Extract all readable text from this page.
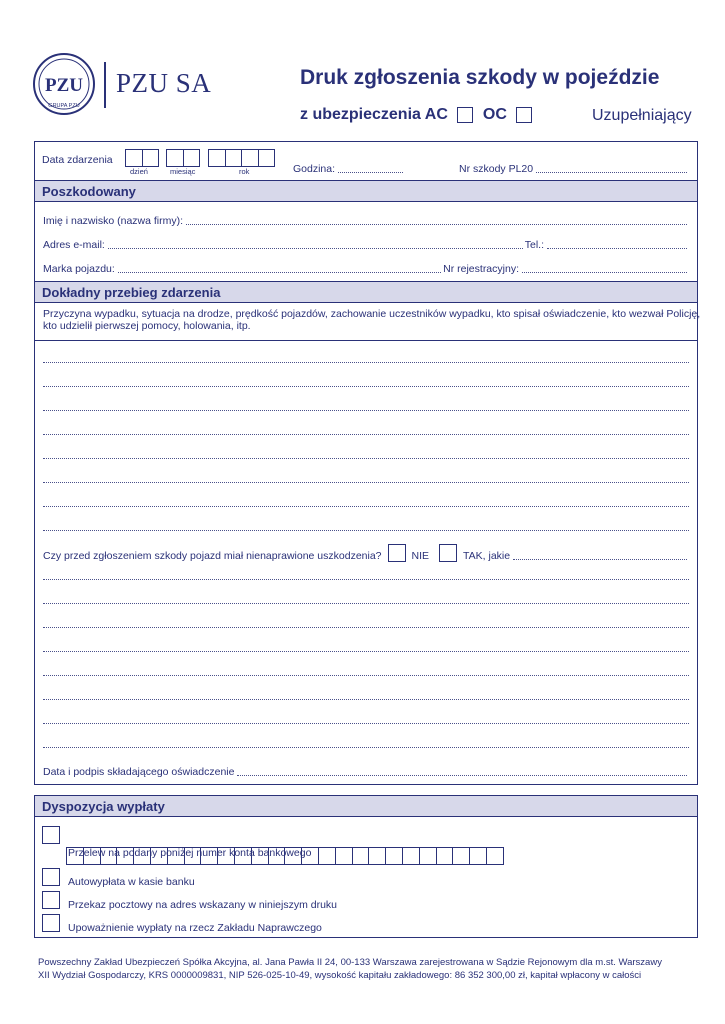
PZU
GRUPA PZU
PZU SA	Druk zgłoszenia szkody w pojeździe
z ubezpieczenia AC OC	Uzupełniający
Data zdarzenia
dzień	miesiąc	rok	Godzina:	Nr szkody PL20
Poszkodowany
Imię i nazwisko (nazwa firmy):
Adres e-mail:	Tel.:
Marka pojazdu:	Nr rejestracyjny:
Dokładny przebieg zdarzenia
Przyczyna wypadku, sytuacja na drodze, prędkość pojazdów, zachowanie uczestników wypadku, kto spisał oświadczenie, kto wezwał Policję,
kto udzielił pierwszej pomocy, holowania, itp.
Czy przed zgłoszeniem szkody pojazd miał nienaprawione uszkodzenia?	NIE	TAK, jakie
Data i podpis składającego oświadczenie
Dyspozycja wypłaty
Przelew na podany poniżej numer konta bankowego
Autowypłata w kasie banku
Przekaz pocztowy na adres wskazany w niniejszym druku
Upoważnienie wypłaty na rzecz Zakładu Naprawczego
Powszechny Zakład Ubezpieczeń Spółka Akcyjna, al. Jana Pawła II 24, 00-133 Warszawa zarejestrowana w Sądzie Rejonowym dla m.st. Warszawy
XII Wydział Gospodarczy, KRS 0000009831, NIP 526-025-10-49, wysokość kapitału zakładowego: 86 352 300,00 zł, kapitał wpłacony w całości
